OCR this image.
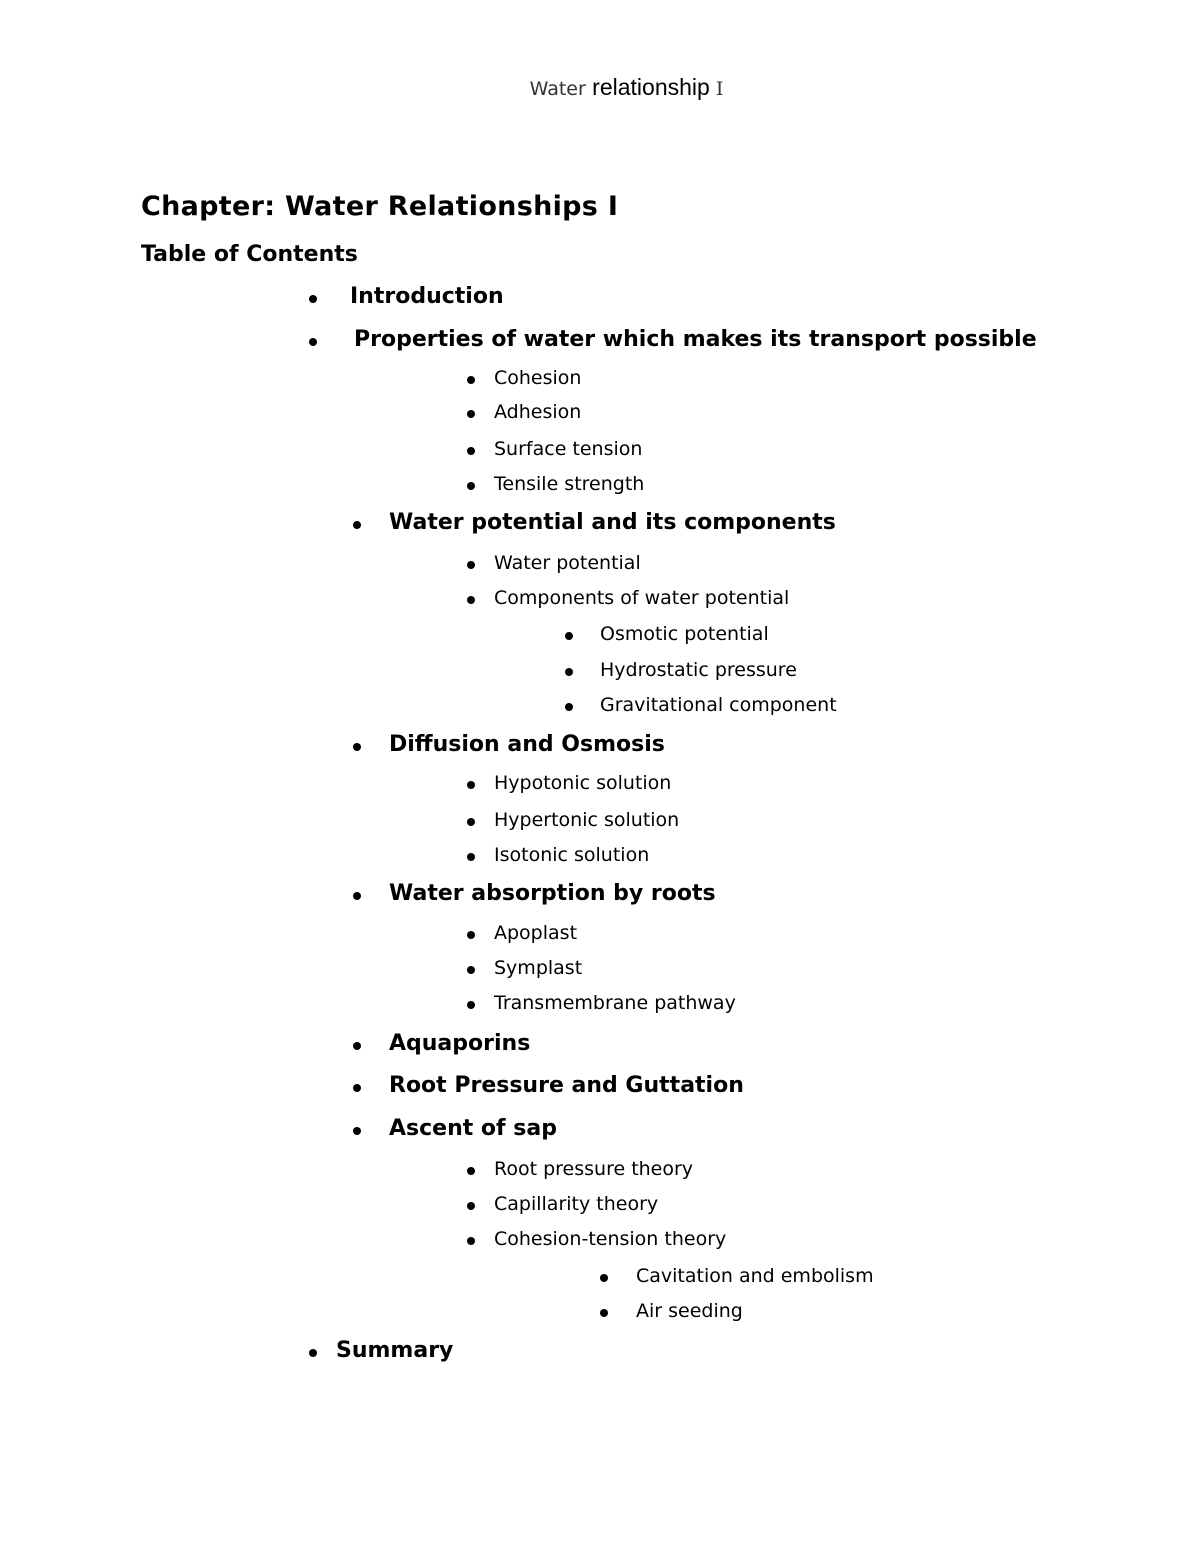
Water relationship I
Chapter: Water Relationships I
Table of Contents
Introduction
Properties of water which makes its transport possible
Cohesion
Adhesion
Surface tension
Tensile strength
Water potential and its components
Water potential
Components of water potential
Osmotic potential
Hydrostatic pressure
Gravitational component
Diffusion and Osmosis
Hypotonic solution
Hypertonic solution
Isotonic solution
Water absorption by roots
Apoplast
Symplast
Transmembrane pathway
Aquaporins
Root Pressure and Guttation
Ascent of sap
Root pressure theory
Capillarity theory
Cohesion-tension theory
Cavitation and embolism
Air seeding
Summary
